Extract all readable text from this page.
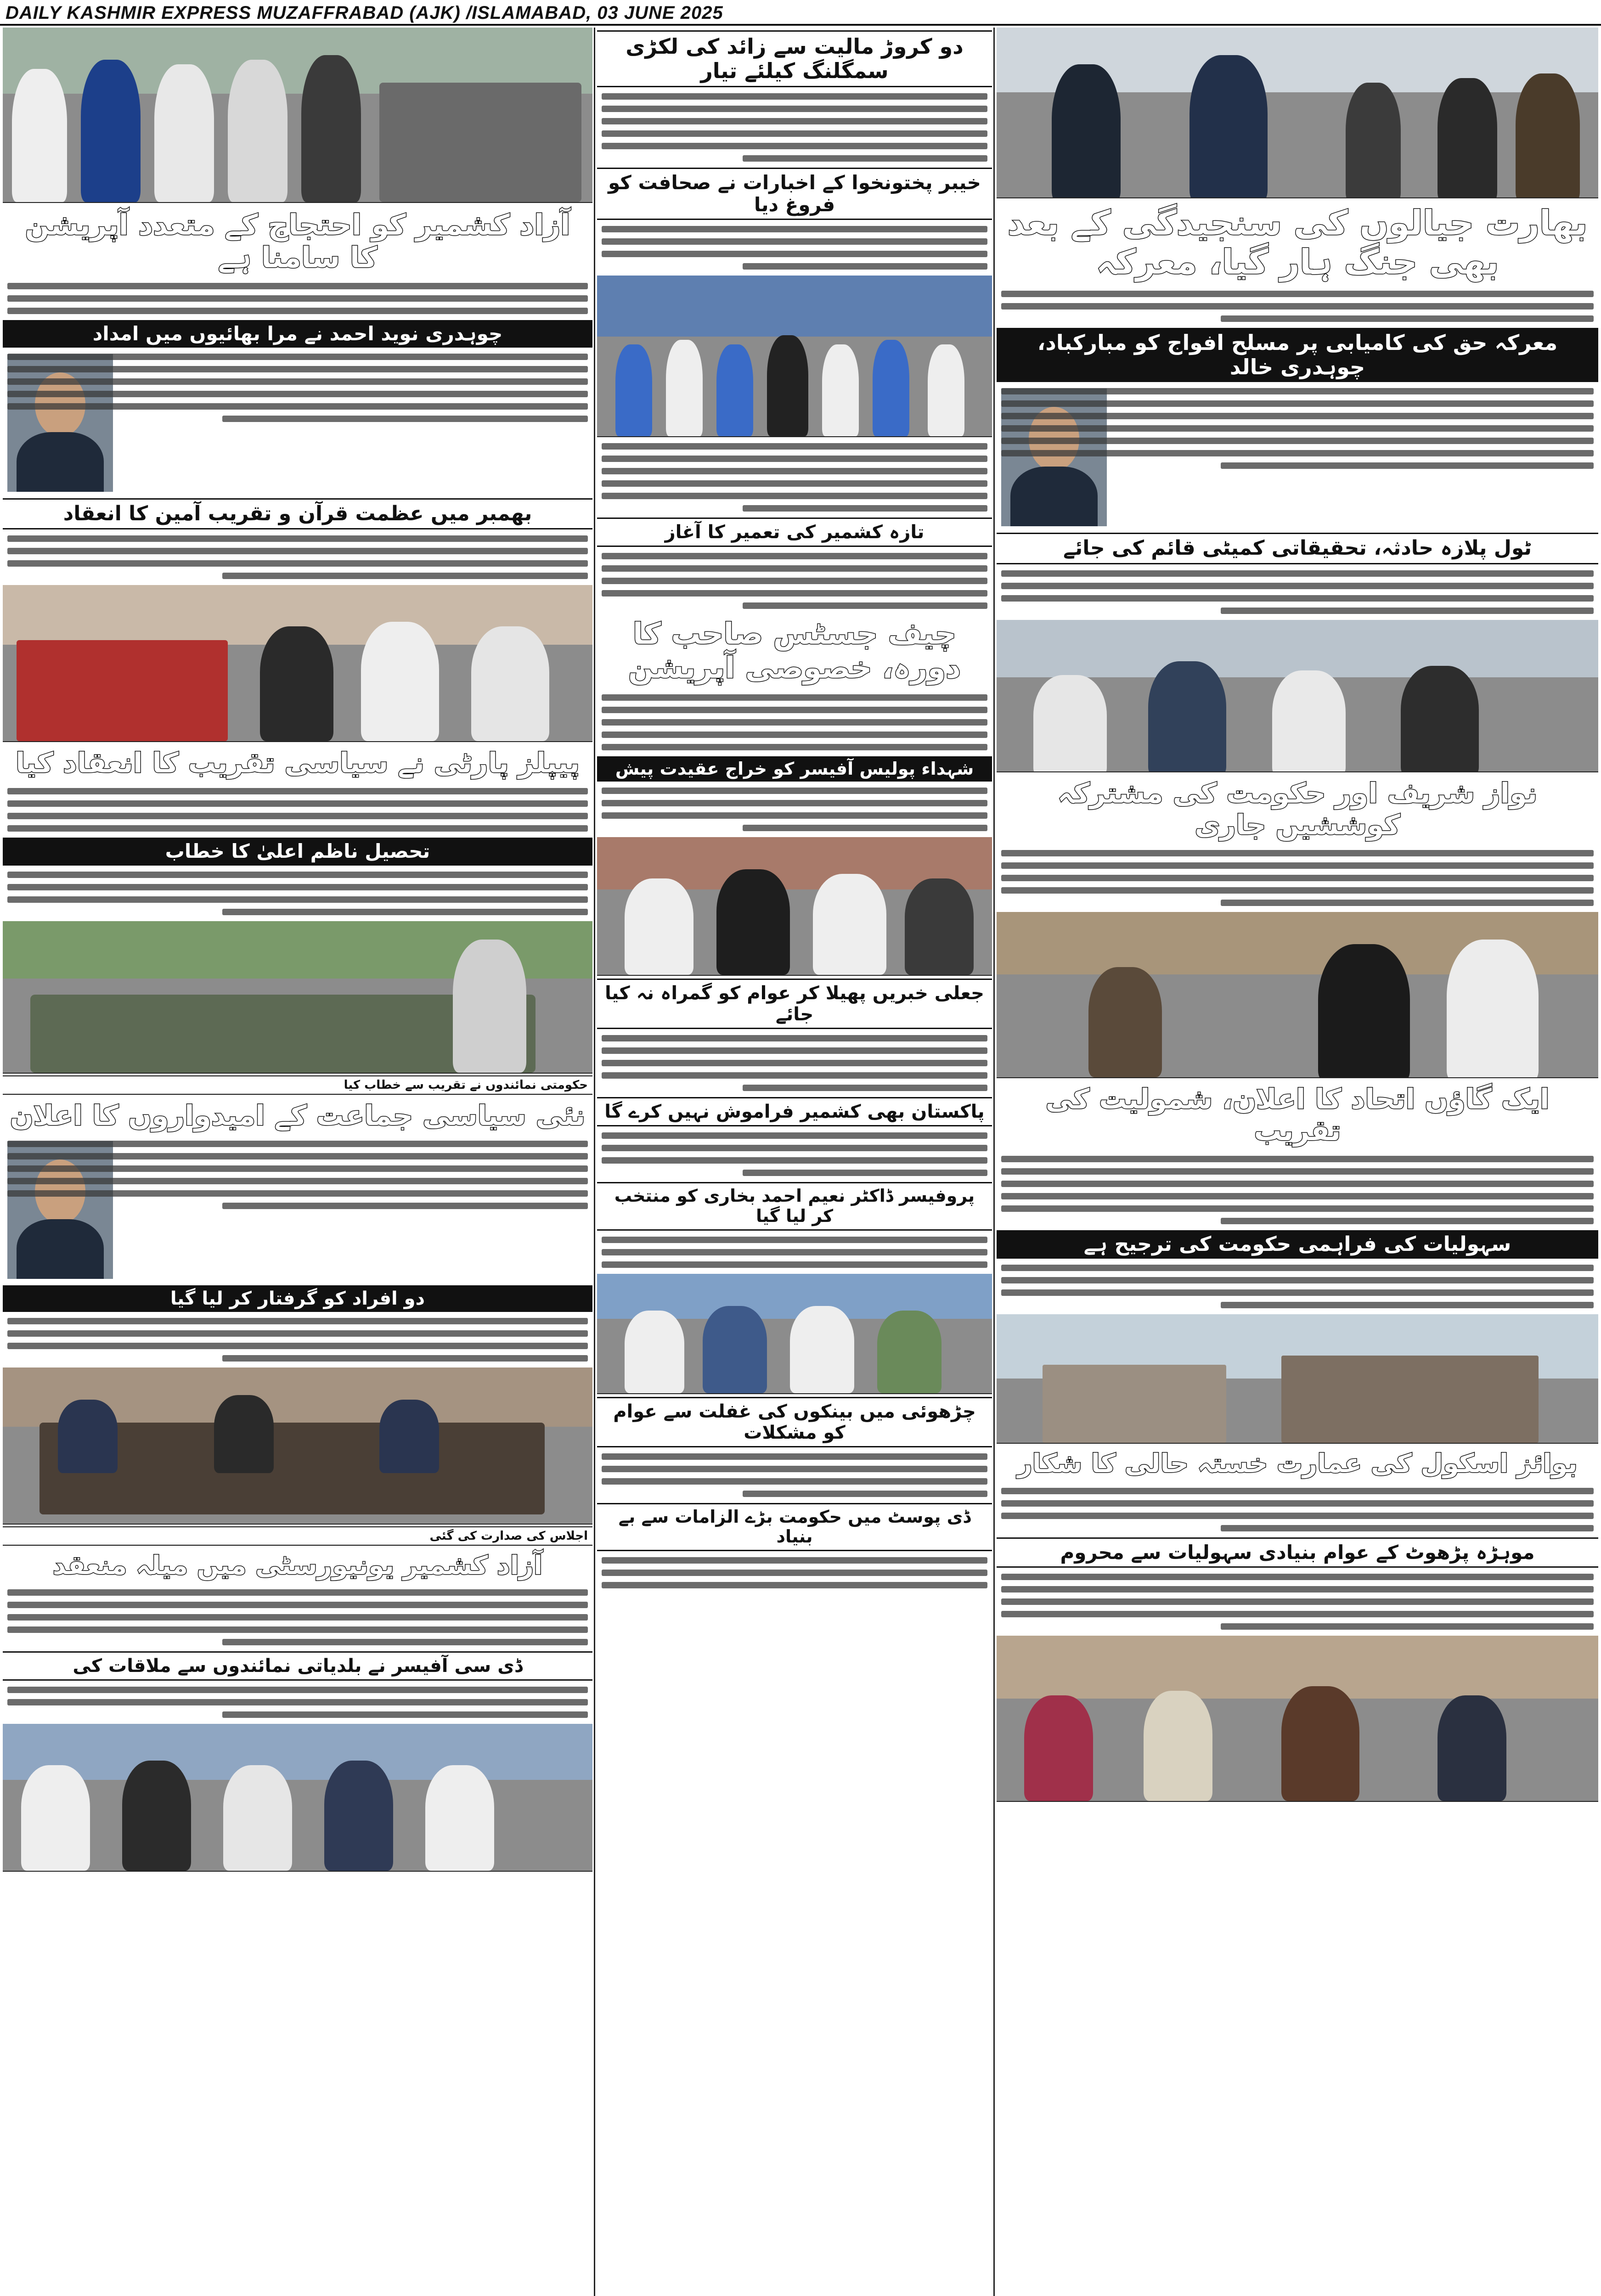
DAILY KASHMIR EXPRESS MUZAFFRABAD (AJK) /ISLAMABAD, 03 JUNE 2025
بھارت جیالوں کی سنجیدگی کے بعد بھی جنگ ہار گیا، معرکہ
معرکہ حق کی کامیابی پر مسلح افواج کو مبارکباد، چوہدری خالد
ٹول پلازہ حادثہ، تحقیقاتی کمیٹی قائم کی جائے
نواز شریف اور حکومت کی مشترکہ کوششیں جاری
ایک گاؤں اتحاد کا اعلان، شمولیت کی تقریب
سہولیات کی فراہمی حکومت کی ترجیح ہے
بوائز اسکول کی عمارت خستہ حالی کا شکار
موہڑہ پڑھوٹ کے عوام بنیادی سہولیات سے محروم
دو کروڑ مالیت سے زائد کی لکڑی سمگلنگ کیلئے تیار
خیبر پختونخوا کے اخبارات نے صحافت کو فروغ دیا
تازہ کشمیر کی تعمیر کا آغاز
چیف جسٹس صاحب کا دورہ، خصوصی آپریشن
شہداء پولیس آفیسر کو خراج عقیدت پیش
جعلی خبریں پھیلا کر عوام کو گمراہ نہ کیا جائے
پاکستان بھی کشمیر فراموش نہیں کرے گا
پروفیسر ڈاکٹر نعیم احمد بخاری کو منتخب کر لیا گیا
چڑھوئی میں بینکوں کی غفلت سے عوام کو مشکلات
ڈی پوسٹ میں حکومت بڑے الزامات سے بے بنیاد
آزاد کشمیر کو احتجاج کے متعدد آپریشن کا سامنا ہے
چوہدری نوید احمد نے مرا بھائیوں میں امداد
بھمبر میں عظمت قرآن و تقریب آمین کا انعقاد
پیپلز پارٹی نے سیاسی تقریب کا انعقاد کیا
تحصیل ناظم اعلیٰ کا خطاب
حکومتی نمائندوں نے تقریب سے خطاب کیا
نئی سیاسی جماعت کے امیدواروں کا اعلان
دو افراد کو گرفتار کر لیا گیا
اجلاس کی صدارت کی گئی
آزاد کشمیر یونیورسٹی میں میلہ منعقد
ڈی سی آفیسر نے بلدیاتی نمائندوں سے ملاقات کی
